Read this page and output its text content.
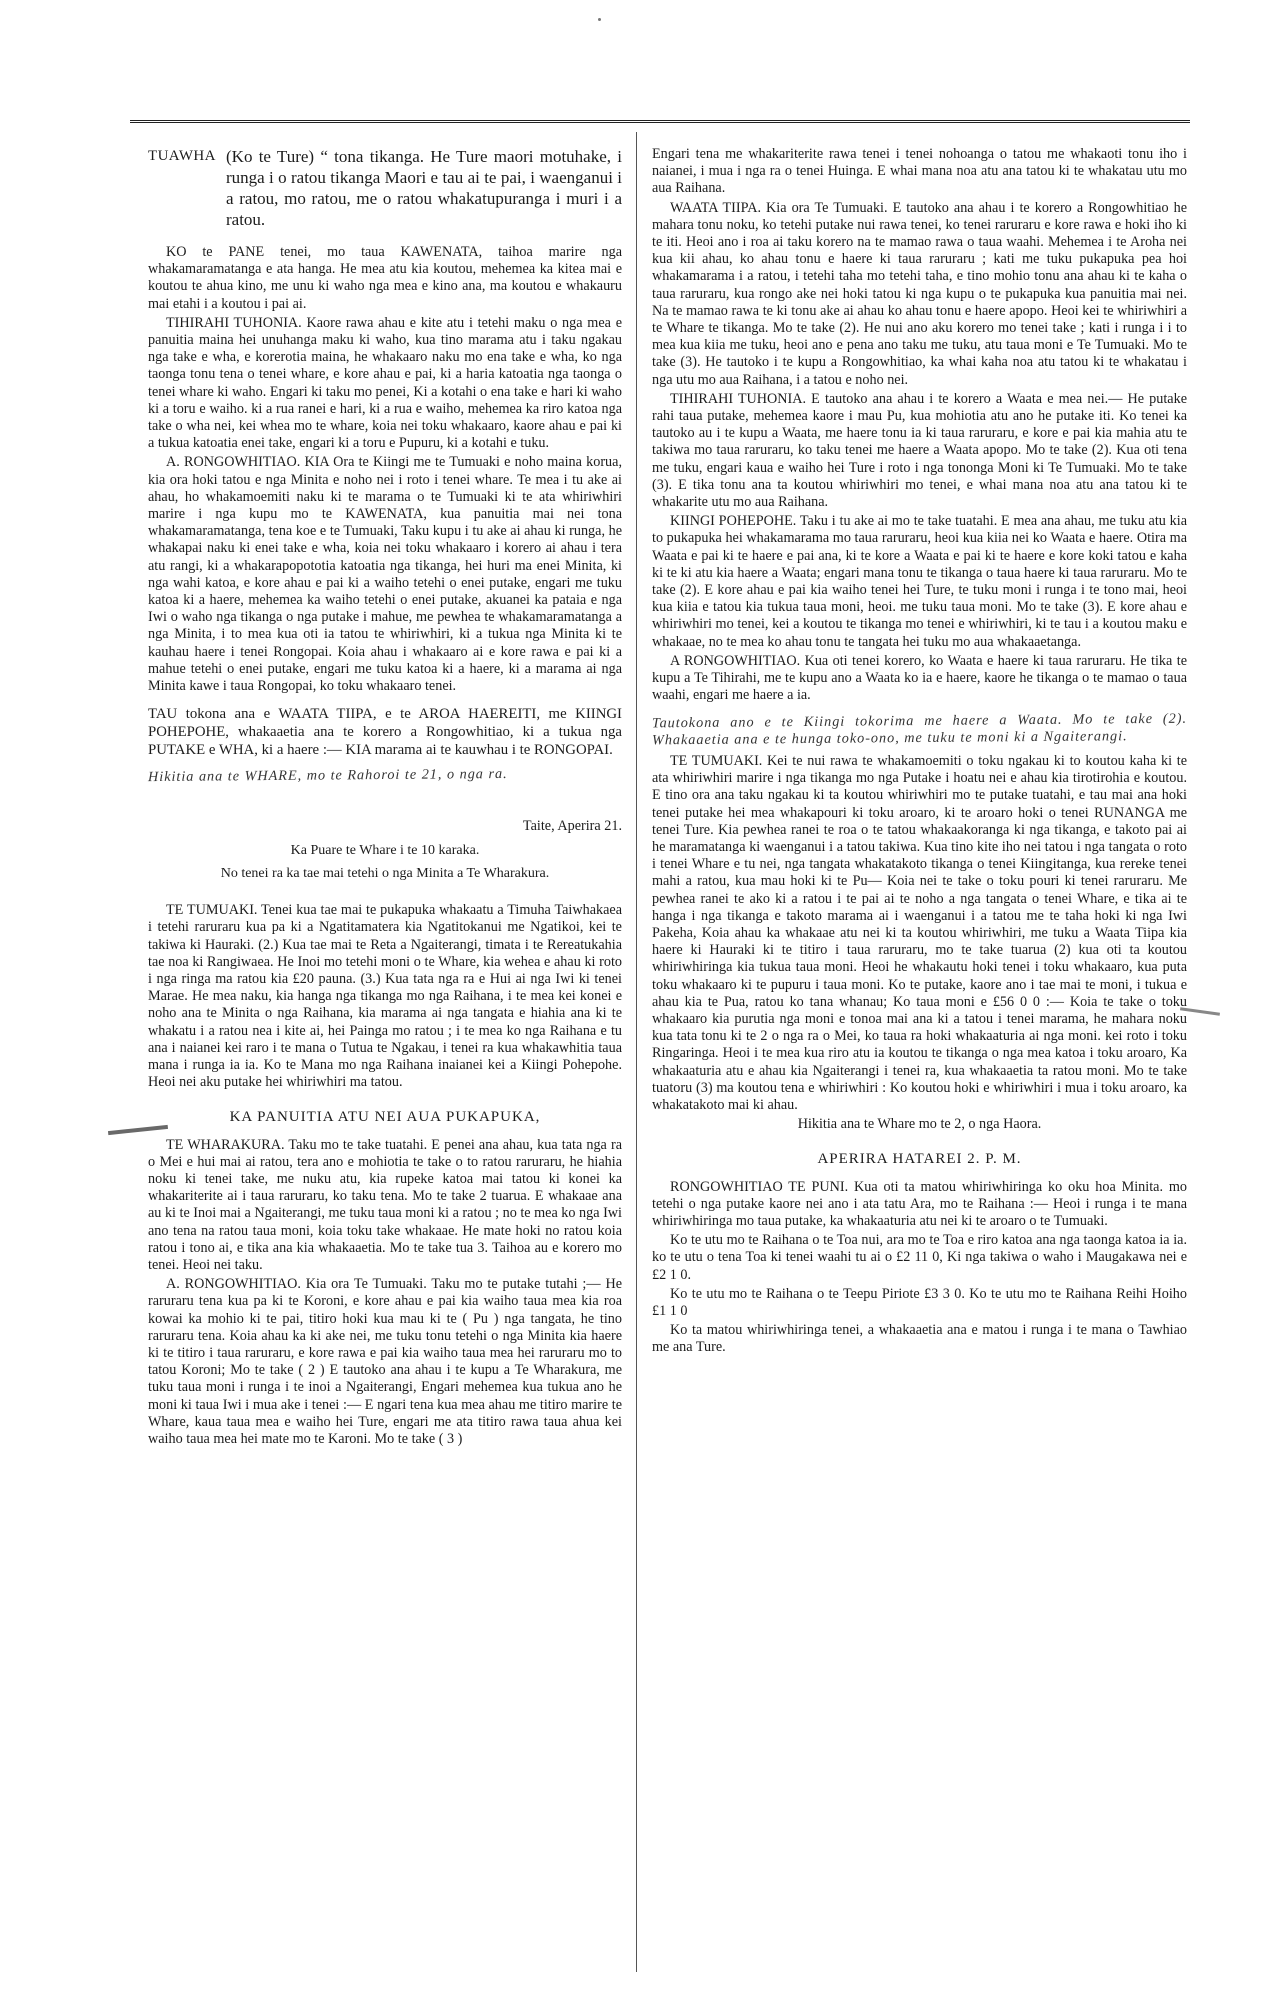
TUAWHA (Ko te Ture) “ tona tikanga. He Ture maori motuhake, i runga i o ratou tikanga Maori e tau ai te pai, i waenganui i a ratou, mo ratou, me o ratou whakatupuranga i muri i a ratou.

KO te PANE tenei, mo taua KAWENATA, taihoa marire nga whakamaramatanga e ata hanga. He mea atu kia koutou, mehemea ka kitea mai e koutou te ahua kino, me unu ki waho nga mea e kino ana, ma koutou e whakauru mai etahi i a koutou i pai ai.

TIHIRAHI TUHONIA. Kaore rawa ahau e kite atu i tetehi maku o nga mea e panuitia maina hei unuhanga maku ki waho, kua tino marama atu i taku ngakau nga take e wha, e korerotia maina, he whakaaro naku mo ena take e wha, ko nga taonga tonu tena o tenei whare, e kore ahau e pai, ki a haria katoatia nga taonga o tenei whare ki waho. Engari ki taku mo penei, Ki a kotahi o ena take e hari ki waho ki a toru e waiho. ki a rua ranei e hari, ki a rua e waiho, mehemea ka riro katoa nga take o wha nei, kei whea mo te whare, koia nei toku whakaaro, kaore ahau e pai ki a tukua katoatia enei take, engari ki a toru e Pupuru, ki a kotahi e tuku.

A. RONGOWHITIAO. KIA Ora te Kiingi me te Tumuaki e noho maina korua, kia ora hoki tatou e nga Minita e noho nei i roto i tenei whare. Te mea i tu ake ai ahau, ho whakamoemiti naku ki te marama o te Tumuaki ki te ata whiriwhiri marire i nga kupu mo te KAWENATA, kua panuitia mai nei tona whakamaramatanga, tena koe e te Tumuaki, Taku kupu i tu ake ai ahau ki runga, he whakapai naku ki enei take e wha, koia nei toku whakaaro i korero ai ahau i tera atu rangi, ki a whakarapopototia katoatia nga tikanga, hei huri ma enei Minita, ki nga wahi katoa, e kore ahau e pai ki a waiho tetehi o enei putake, engari me tuku katoa ki a haere, mehemea ka waiho tetehi o enei putake, akuanei ka pataia e nga Iwi o waho nga tikanga o nga putake i mahue, me pewhea te whakamaramatanga a nga Minita, i to mea kua oti ia tatou te whiriwhiri, ki a tukua nga Minita ki te kauhau haere i tenei Rongopai. Koia ahau i whakaaro ai e kore rawa e pai ki a mahue tetehi o enei putake, engari me tuku katoa ki a haere, ki a marama ai nga Minita kawe i taua Rongopai, ko toku whakaaro tenei.

TAU tokona ana e WAATA TIIPA, e te AROA HAEREITI, me KIINGI POHEPOHE, whakaaetia ana te korero a Rongowhitiao, ki a tukua nga PUTAKE e WHA, ki a haere :— KIA marama ai te kauwhau i te RONGOPAI.

Hikitia ana te WHARE, mo te Rahoroi te 21, o nga ra.

Taite, Aperira 21.

Ka Puare te Whare i te 10 karaka.

No tenei ra ka tae mai tetehi o nga Minita a Te Wharakura.

TE TUMUAKI. Tenei kua tae mai te pukapuka whakaatu a Timuha Taiwhakaea i tetehi raruraru kua pa ki a Ngatitamatera kia Ngatitokanui me Ngatikoi, kei te takiwa ki Hauraki. (2.) Kua tae mai te Reta a Ngaiterangi, timata i te Rereatukahia tae noa ki Rangiwaea. He Inoi mo tetehi moni o te Whare, kia wehea e ahau ki roto i nga ringa ma ratou kia £20 pauna. (3.) Kua tata nga ra e Hui ai nga Iwi ki tenei Marae. He mea naku, kia hanga nga tikanga mo nga Raihana, i te mea kei konei e noho ana te Minita o nga Raihana, kia marama ai nga tangata e hiahia ana ki te whakatu i a ratou nea i kite ai, hei Painga mo ratou ; i te mea ko nga Raihana e tu ana i naianei kei raro i te mana o Tutua te Ngakau, i tenei ra kua whakawhitia taua mana i runga ia ia. Ko te Mana mo nga Raihana inaianei kei a Kiingi Pohepohe. Heoi nei aku putake hei whiriwhiri ma tatou.

KA PANUITIA ATU NEI AUA PUKAPUKA,

TE WHARAKURA. Taku mo te take tuatahi. E penei ana ahau, kua tata nga ra o Mei e hui mai ai ratou, tera ano e mohiotia te take o to ratou raruraru, he hiahia noku ki tenei take, me nuku atu, kia rupeke katoa mai tatou ki konei ka whakariterite ai i taua raruraru, ko taku tena. Mo te take 2 tuarua. E whakaae ana au ki te Inoi mai a Ngaiterangi, me tuku taua moni ki a ratou ; no te mea ko nga Iwi ano tena na ratou taua moni, koia toku take whakaae. He mate hoki no ratou koia ratou i tono ai, e tika ana kia whakaaetia. Mo te take tua 3. Taihoa au e korero mo tenei. Heoi nei taku.

A. RONGOWHITIAO. Kia ora Te Tumuaki. Taku mo te putake tutahi ;— He raruraru tena kua pa ki te Koroni, e kore ahau e pai kia waiho taua mea kia roa kowai ka mohio ki te pai, titiro hoki kua mau ki te ( Pu ) nga tangata, he tino raruraru tena. Koia ahau ka ki ake nei, me tuku tonu tetehi o nga Minita kia haere ki te titiro i taua raruraru, e kore rawa e pai kia waiho taua mea hei raruraru mo to tatou Koroni; Mo te take ( 2 ) E tautoko ana ahau i te kupu a Te Wharakura, me tuku taua moni i runga i te inoi a Ngaiterangi, Engari mehemea kua tukua ano he moni ki taua Iwi i mua ake i tenei :— E ngari tena kua mea ahau me titiro marire te Whare, kaua taua mea e waiho hei Ture, engari me ata titiro rawa taua ahua kei waiho taua mea hei mate mo te Karoni. Mo te take ( 3 )

Engari tena me whakariterite rawa tenei i tenei nohoanga o tatou me whakaoti tonu iho i naianei, i mua i nga ra o tenei Huinga. E whai mana noa atu ana tatou ki te whakatau utu mo aua Raihana.

WAATA TIIPA. Kia ora Te Tumuaki. E tautoko ana ahau i te korero a Rongowhitiao he mahara tonu noku, ko tetehi putake nui rawa tenei, ko tenei raruraru e kore rawa e hoki iho ki te iti. Heoi ano i roa ai taku korero na te mamao rawa o taua waahi. Mehemea i te Aroha nei kua kii ahau, ko ahau tonu e haere ki taua raruraru ; kati me tuku pukapuka pea hoi whakamarama i a ratou, i tetehi taha mo tetehi taha, e tino mohio tonu ana ahau ki te kaha o taua raruraru, kua rongo ake nei hoki tatou ki nga kupu o te pukapuka kua panuitia mai nei. Na te mamao rawa te ki tonu ake ai ahau ko ahau tonu e haere apopo. Heoi kei te whiriwhiri a te Whare te tikanga. Mo te take (2). He nui ano aku korero mo tenei take ; kati i runga i i to mea kua kiia me tuku, heoi ano e pena ano taku me tuku, atu taua moni e Te Tumuaki. Mo te take (3). He tautoko i te kupu a Rongowhitiao, ka whai kaha noa atu tatou ki te whakatau i nga utu mo aua Raihana, i a tatou e noho nei.

TIHIRAHI TUHONIA. E tautoko ana ahau i te korero a Waata e mea nei.— He putake rahi taua putake, mehemea kaore i mau Pu, kua mohiotia atu ano he putake iti. Ko tenei ka tautoko au i te kupu a Waata, me haere tonu ia ki taua raruraru, e kore e pai kia mahia atu te takiwa mo taua raruraru, ko taku tenei me haere a Waata apopo. Mo te take (2). Kua oti tena me tuku, engari kaua e waiho hei Ture i roto i nga tononga Moni ki Te Tumuaki. Mo te take (3). E tika tonu ana ta koutou whiriwhiri mo tenei, e whai mana noa atu ana tatou ki te whakarite utu mo aua Raihana.

KIINGI POHEPOHE. Taku i tu ake ai mo te take tuatahi. E mea ana ahau, me tuku atu kia to pukapuka hei whakamarama mo taua raruraru, heoi kua kiia nei ko Waata e haere. Otira ma Waata e pai ki te haere e pai ana, ki te kore a Waata e pai ki te haere e kore koki tatou e kaha ki te ki atu kia haere a Waata; engari mana tonu te tikanga o taua haere ki taua raruraru. Mo te take (2). E kore ahau e pai kia waiho tenei hei Ture, te tuku moni i runga i te tono mai, heoi kua kiia e tatou kia tukua taua moni, heoi. me tuku taua moni. Mo te take (3). E kore ahau e whiriwhiri mo tenei, kei a koutou te tikanga mo tenei e whiriwhiri, ki te tau i a koutou maku e whakaae, no te mea ko ahau tonu te tangata hei tuku mo aua whakaaetanga.

A RONGOWHITIAO. Kua oti tenei korero, ko Waata e haere ki taua raruraru. He tika te kupu a Te Tihirahi, me te kupu ano a Waata ko ia e haere, kaore he tikanga o te mamao o taua waahi, engari me haere a ia.

Tautokona ano e te Kiingi tokorima me haere a Waata. Mo te take (2). Whakaaetia ana e te hunga toko-ono, me tuku te moni ki a Ngaiterangi.

TE TUMUAKI. Kei te nui rawa te whakamoemiti o toku ngakau ki to koutou kaha ki te ata whiriwhiri marire i nga tikanga mo nga Putake i hoatu nei e ahau kia tirotirohia e koutou. E tino ora ana taku ngakau ki ta koutou whiriwhiri mo te putake tuatahi, e tau mai ana hoki tenei putake hei mea whakapouri ki toku aroaro, ki te aroaro hoki o tenei RUNANGA me tenei Ture. Kia pewhea ranei te roa o te tatou whakaakoranga ki nga tikanga, e takoto pai ai he maramatanga ki waenganui i a tatou takiwa. Kua tino kite iho nei tatou i nga tangata o roto i tenei Whare e tu nei, nga tangata whakatakoto tikanga o tenei Kiingitanga, kua rereke tenei mahi a ratou, kua mau hoki ki te Pu— Koia nei te take o toku pouri ki tenei raruraru. Me pewhea ranei te ako ki a ratou i te pai ai te noho a nga tangata o tenei Whare, e tika ai te hanga i nga tikanga e takoto marama ai i waenganui i a tatou me te taha hoki ki nga Iwi Pakeha, Koia ahau ka whakaae atu nei ki ta koutou whiriwhiri, me tuku a Waata Tiipa kia haere ki Hauraki ki te titiro i taua raruraru, mo te take tuarua (2) kua oti ta koutou whiriwhiringa kia tukua taua moni. Heoi he whakautu hoki tenei i toku whakaaro, kua puta toku whakaaro ki te pupuru i taua moni. Ko te putake, kaore ano i tae mai te moni, i tukua e ahau kia te Pua, ratou ko tana whanau; Ko taua moni e £56 0 0 :— Koia te take o toku whakaaro kia purutia nga moni e tonoa mai ana ki a tatou i tenei marama, he mahara noku kua tata tonu ki te 2 o nga ra o Mei, ko taua ra hoki whakaaturia ai nga moni. kei roto i toku Ringaringa. Heoi i te mea kua riro atu ia koutou te tikanga o nga mea katoa i toku aroaro, Ka whakaaturia atu e ahau kia Ngaiterangi i tenei ra, kua whakaaetia ta ratou moni. Mo te take tuatoru (3) ma koutou tena e whiriwhiri : Ko koutou hoki e whiriwhiri i mua i toku aroaro, ka whakatakoto mai ki ahau.

Hikitia ana te Whare mo te 2, o nga Haora.

APERIRA HATAREI 2. P. M.

RONGOWHITIAO TE PUNI. Kua oti ta matou whiriwhiringa ko oku hoa Minita. mo tetehi o nga putake kaore nei ano i ata tatu Ara, mo te Raihana :— Heoi i runga i te mana whiriwhiringa mo taua putake, ka whakaaturia atu nei ki te aroaro o te Tumuaki.

Ko te utu mo te Raihana o te Toa nui, ara mo te Toa e riro katoa ana nga taonga katoa ia ia. ko te utu o tena Toa ki tenei waahi tu ai o £2 11 0, Ki nga takiwa o waho i Maugakawa nei e £2 1 0.

Ko te utu mo te Raihana o te Teepu Piriote £3 3 0. Ko te utu mo te Raihana Reihi Hoiho £1 1 0

Ko ta matou whiriwhiringa tenei, a whakaaetia ana e matou i runga i te mana o Tawhiao me ana Ture.
